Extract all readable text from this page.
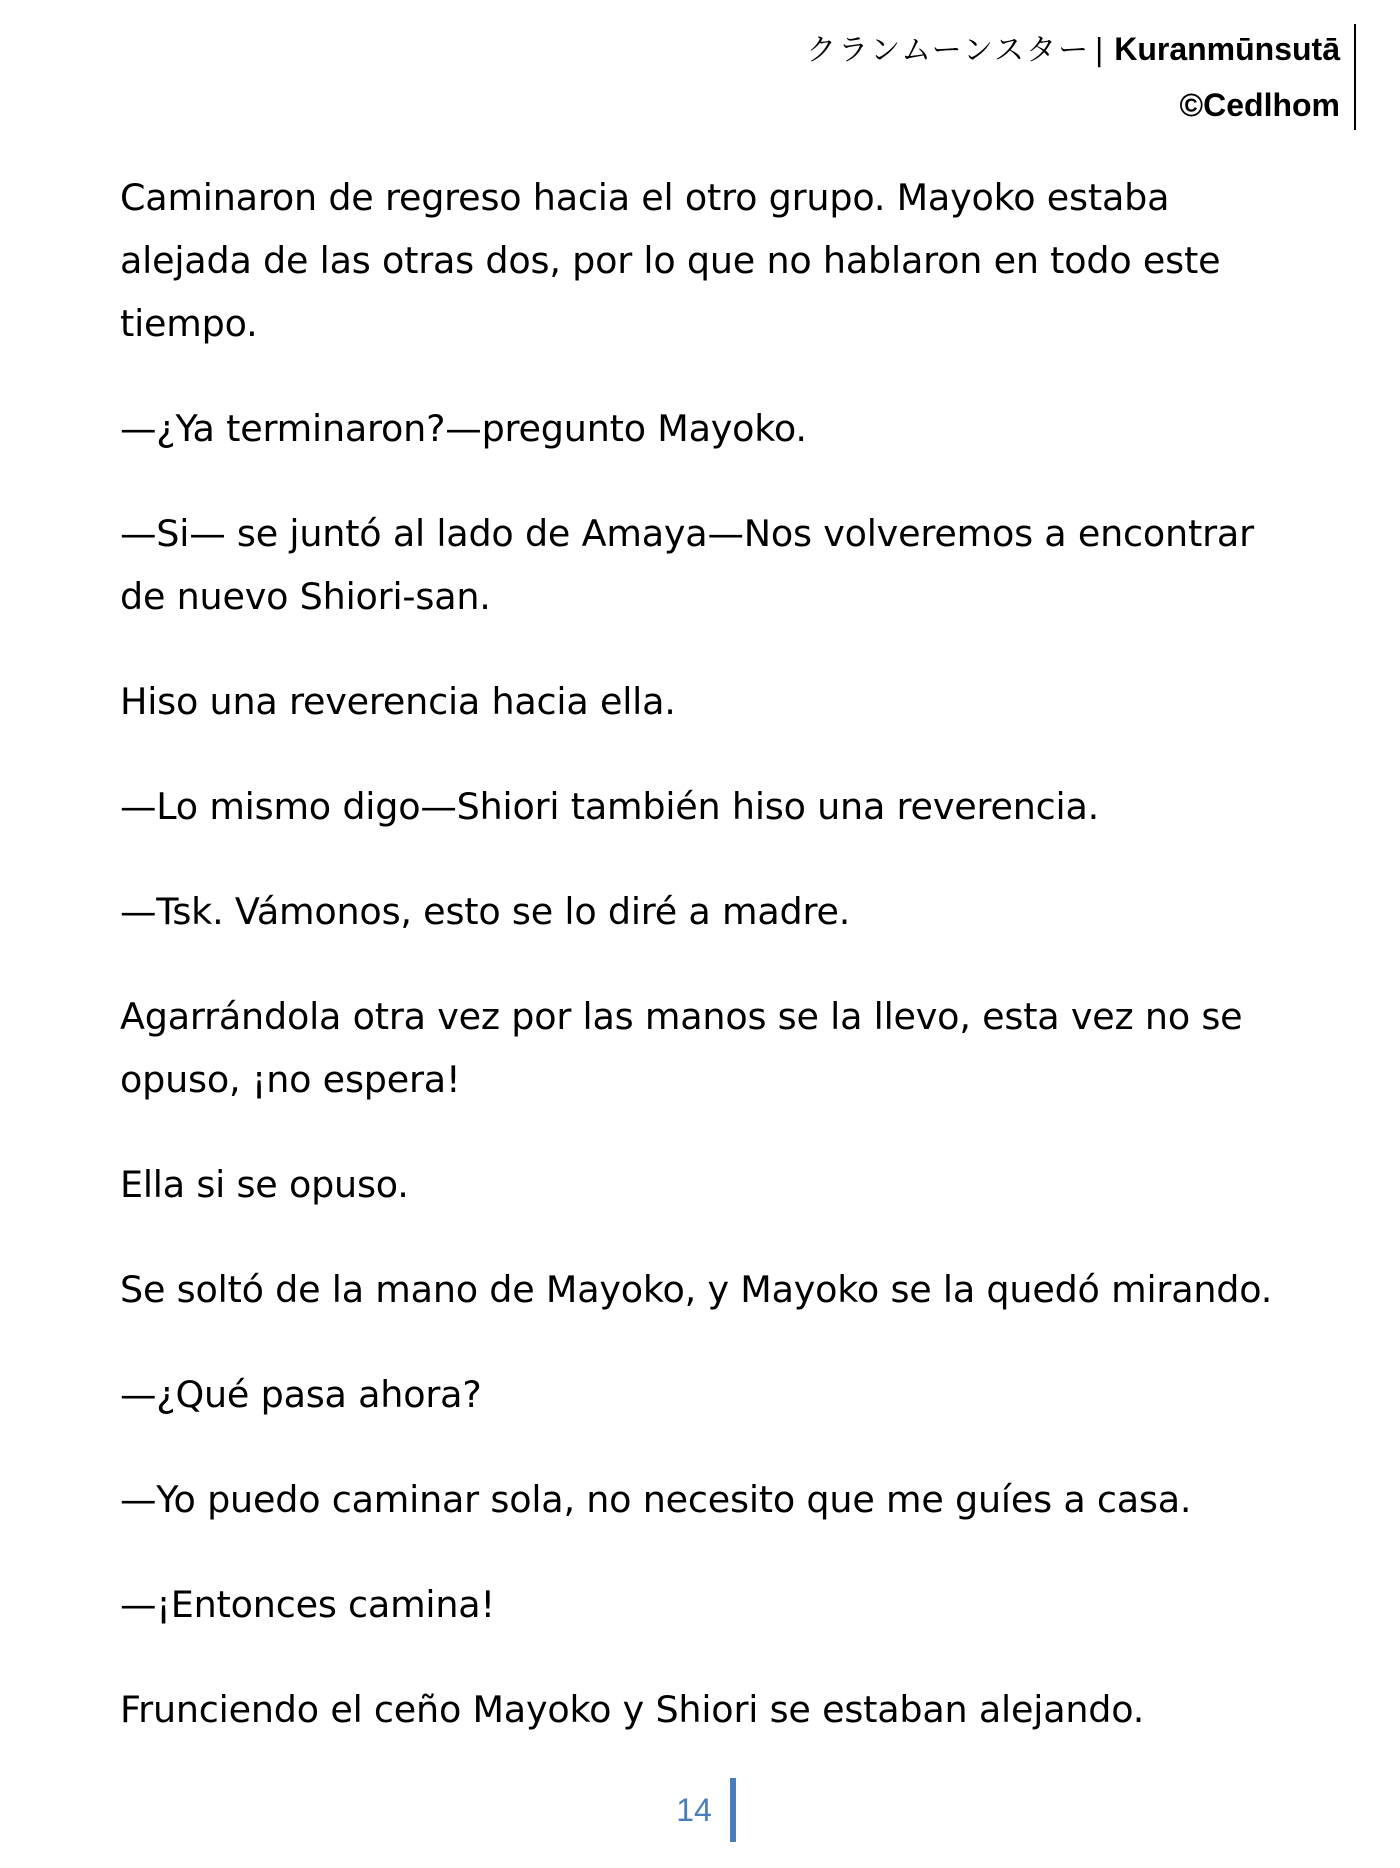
クランムーンスター | Kuranmūnsutā
©Cedlhom

Caminaron de regreso hacia el otro grupo. Mayoko estaba alejada de las otras dos, por lo que no hablaron en todo este tiempo.

—¿Ya terminaron?—pregunto Mayoko.

—Si— se juntó al lado de Amaya—Nos volveremos a encontrar de nuevo Shiori-san.

Hiso una reverencia hacia ella.

—Lo mismo digo—Shiori también hiso una reverencia.

—Tsk. Vámonos, esto se lo diré a madre.

Agarrándola otra vez por las manos se la llevo, esta vez no se opuso, ¡no espera!

Ella si se opuso.

Se soltó de la mano de Mayoko, y Mayoko se la quedó mirando.

—¿Qué pasa ahora?

—Yo puedo caminar sola, no necesito que me guíes a casa.

—¡Entonces camina!

Frunciendo el ceño Mayoko y Shiori se estaban alejando.

14
